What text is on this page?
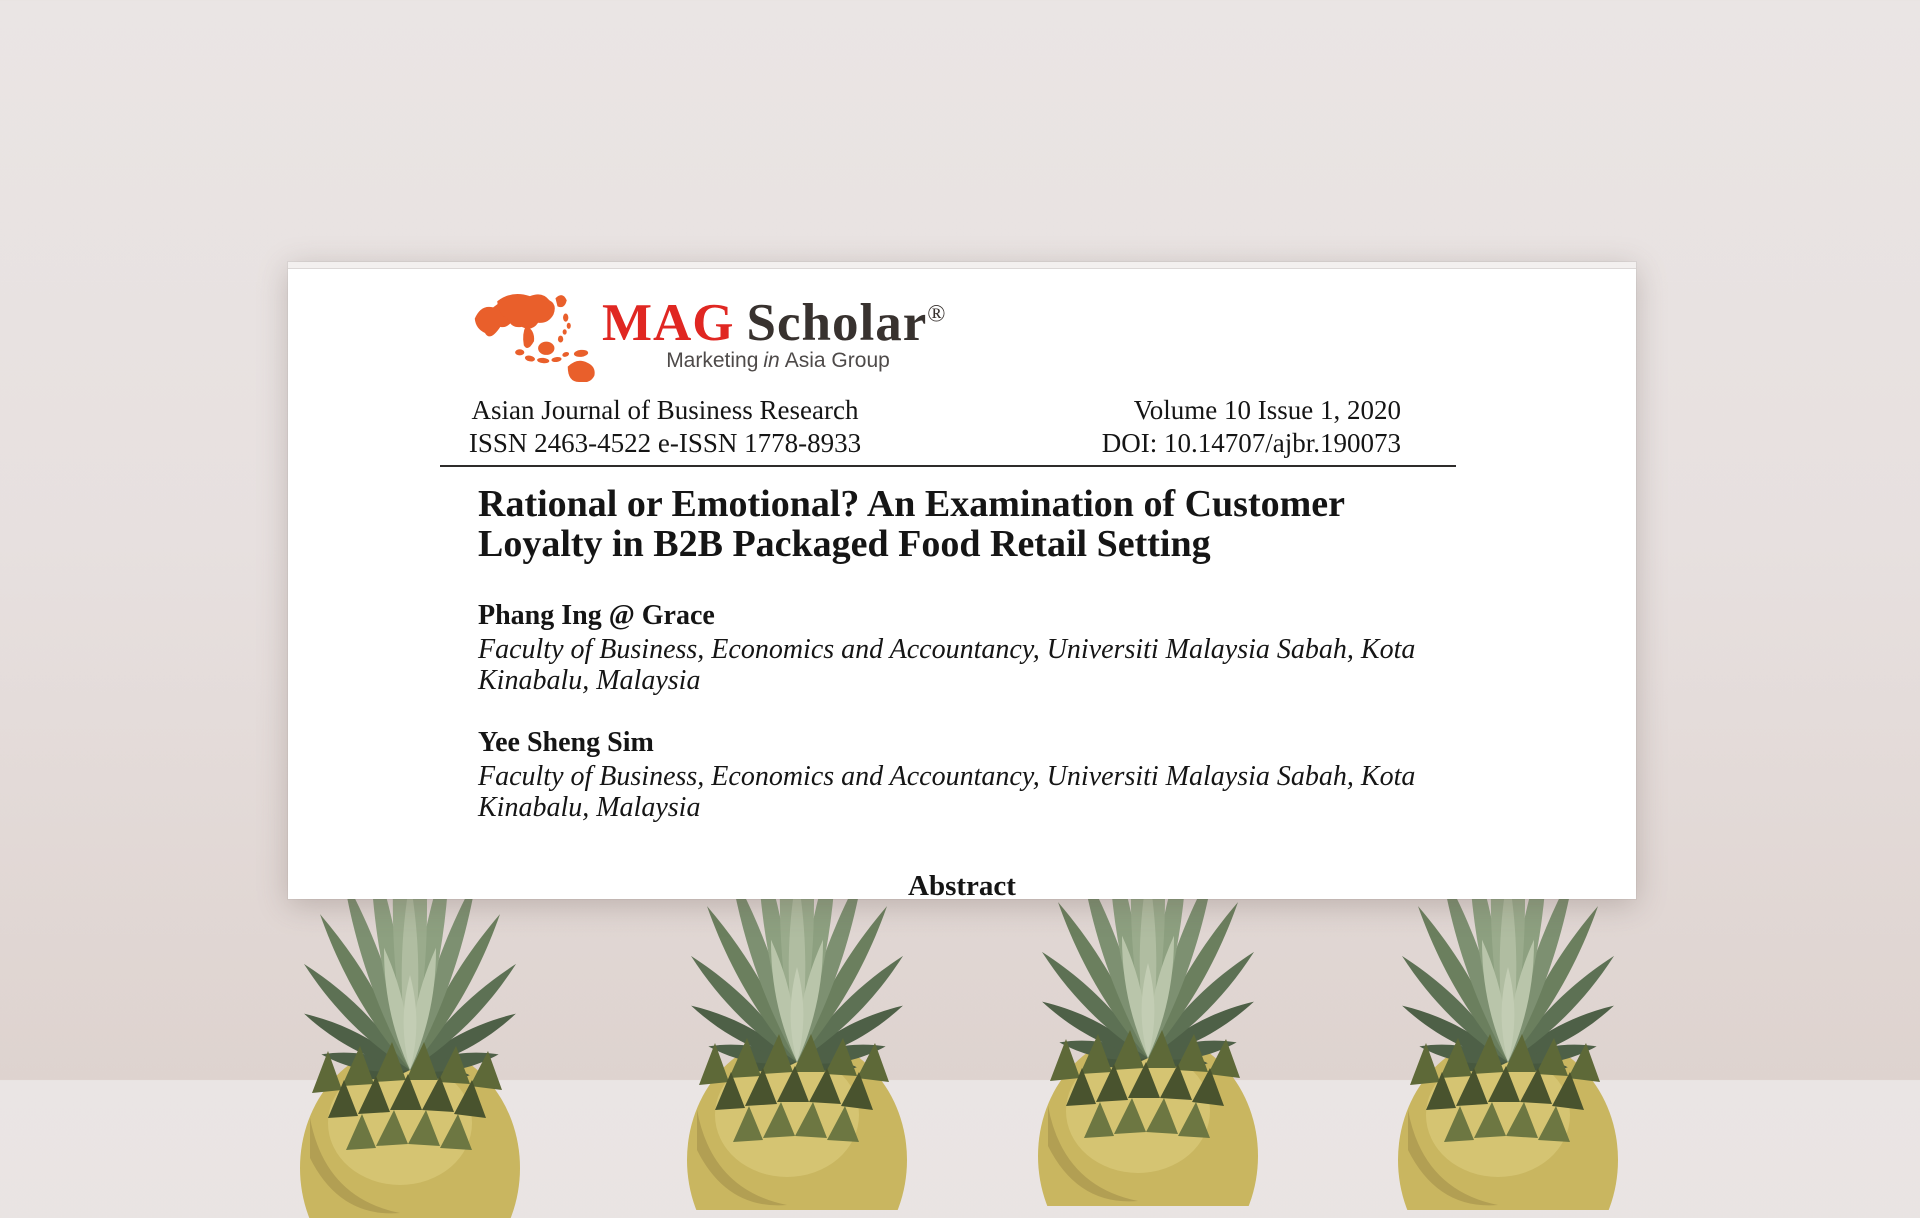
MAG Scholar®
Marketing in Asia Group
Asian Journal of Business Research
ISSN 2463-4522 e-ISSN 1778-8933
Volume 10 Issue 1, 2020
DOI: 10.14707/ajbr.190073
Rational or Emotional? An Examination of Customer
Loyalty in B2B Packaged Food Retail Setting
Phang Ing @ Grace
Faculty of Business, Economics and Accountancy, Universiti Malaysia Sabah, Kota
Kinabalu, Malaysia
Yee Sheng Sim
Faculty of Business, Economics and Accountancy, Universiti Malaysia Sabah, Kota
Kinabalu, Malaysia
Abstract
